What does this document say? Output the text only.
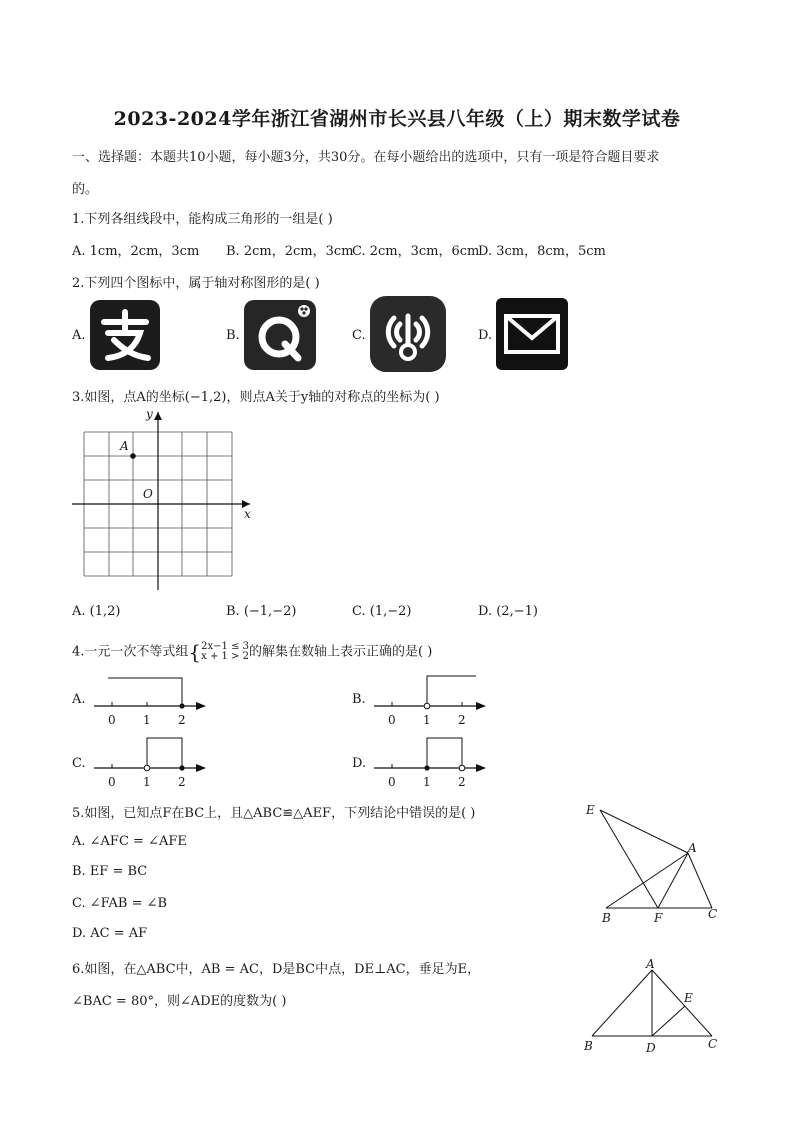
2023-2024学年浙江省湖州市长兴县八年级（上）期末数学试卷
一、选择题：本题共10小题，每小题3分，共30分。在每小题给出的选项中，只有一项是符合题目要求
的。
1.下列各组线段中，能构成三角形的一组是( )
A. 1cm，2cm，3cm B. 2cm，2cm，3cm
C. 2cm，3cm，6cm
D. 3cm，8cm，5cm
2.下列四个图标中，属于轴对称图形的是( )
A.	B.	C.	D.
3.如图，点A的坐标(−1,2)，则点A关于y轴的对称点的坐标为( )
x
y
O
A
A. (1,2)	B. (−1,−2)	C. (1,−2)	D. (2,−1)
4.一元一次不等式组{ 2x−1 ≤ 3
x + 1 > 2 的解集在数轴上表示正确的是( )
A.
0 1 2
B.
0 1 2
C.
0 1 2
D.
0 1 2
5.如图，已知点F在BC上，且△ABC≌△AEF，下列结论中错误的是( )
A. ∠AFC = ∠AFE
B. EF = BC
C. ∠FAB = ∠B
D. AC = AF
E
A
B	F	C
6.如图，在△ABC中，AB = AC，D是BC中点，DE⊥AC，垂足为E，
∠BAC = 80°，则∠ADE的度数为( )
A
E
B	D	C
